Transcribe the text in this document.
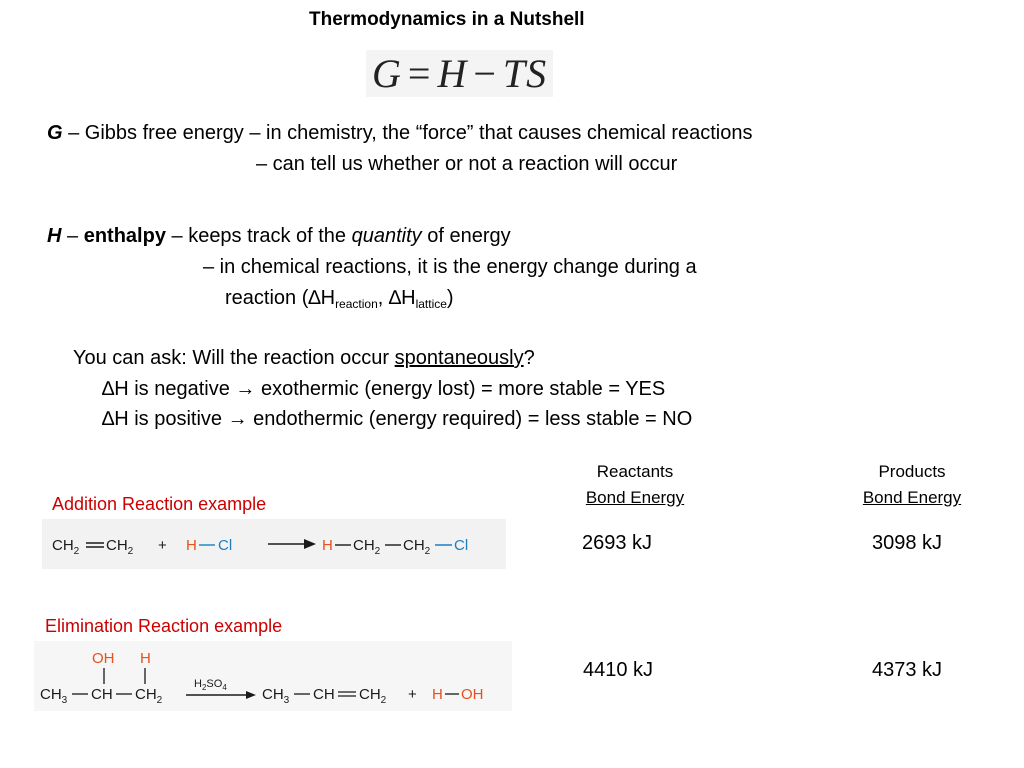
Thermodynamics in a Nutshell
G = H − TS
G – Gibbs free energy – in chemistry, the “force” that causes chemical reactions
– can tell us whether or not a reaction will occur
H – enthalpy – keeps track of the quantity of energy
– in chemical reactions, it is the energy change during a
reaction ($\Delta H_{reaction}$, $\Delta H_{lattice}$)
You can ask: Will the reaction occur spontaneously?
∆H is negative → exothermic (energy lost) = more stable = YES
∆H is positive → endothermic (energy required) = less stable = NO
Reactants
Bond Energy
Products
Bond Energy
2693 kJ	3098 kJ
4410 kJ	4373 kJ
Addition Reaction example
$CH_2$ $CH_2 + H$ Cl	H $CH_2$ $CH_2$ Cl
Elimination Reaction example
OH H
$CH_3$ CH $CH_2$
$H_2SO_4$ $CH_3$ CH $CH_2 + H$ OH
